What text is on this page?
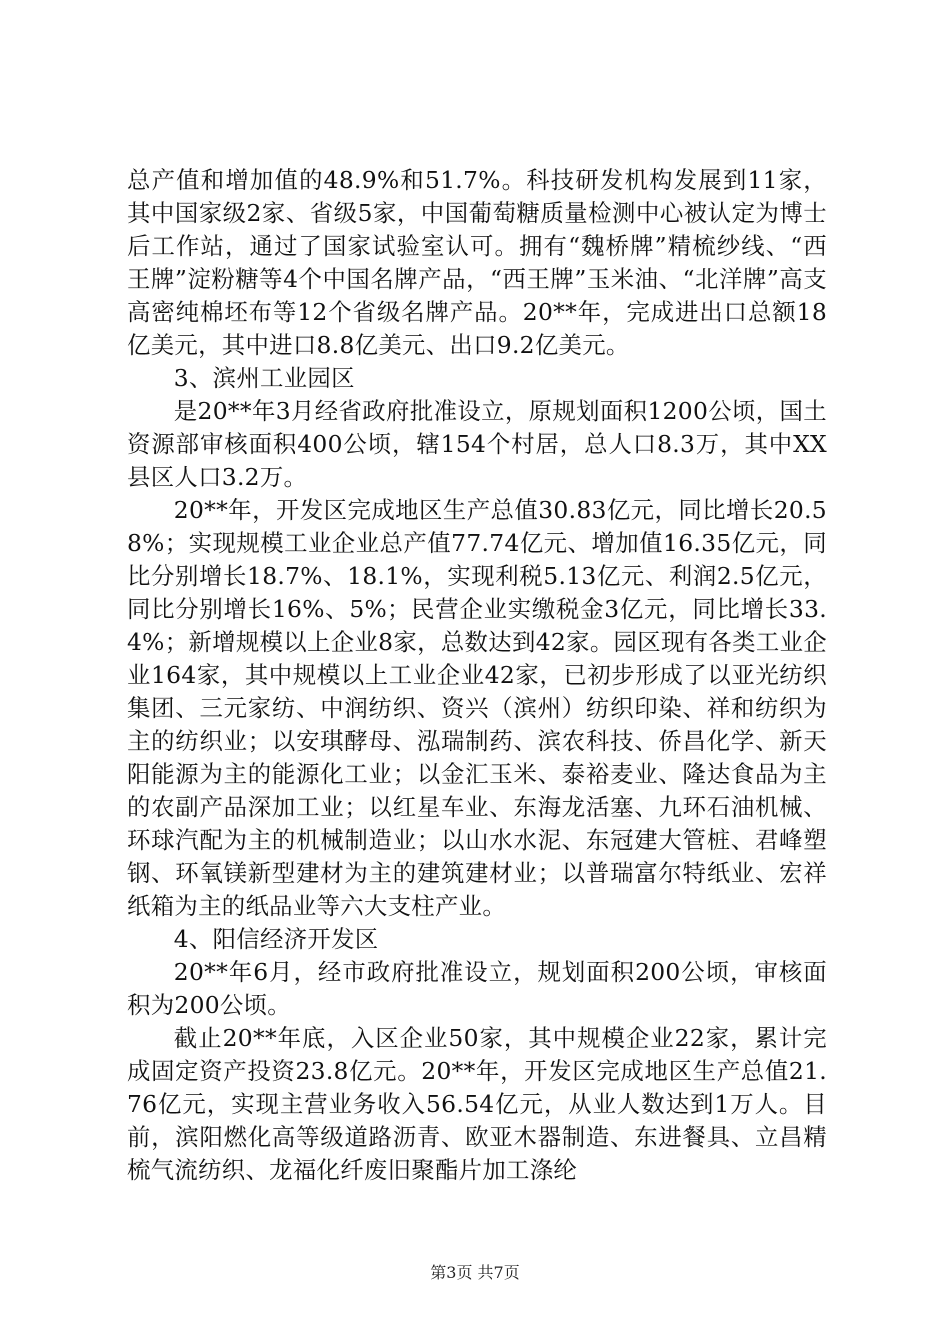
总产值和增加值的48.9%和51.7%。科技研发机构发展到11家，其中国家级2家、省级5家，中国葡萄糖质量检测中心被认定为博士后工作站，通过了国家试验室认可。拥有“魏桥牌”精梳纱线、“西王牌”淀粉糖等4个中国名牌产品，“西王牌”玉米油、“北洋牌”高支高密纯棉坯布等12个省级名牌产品。20**年，完成进出口总额18亿美元，其中进口8.8亿美元、出口9.2亿美元。

3、滨州工业园区

是20**年3月经省政府批准设立，原规划面积1200公顷，国土资源部审核面积400公顷，辖154个村居，总人口8.3万，其中XX县区人口3.2万。

20**年，开发区完成地区生产总值30.83亿元，同比增长20.58%；实现规模工业企业总产值77.74亿元、增加值16.35亿元，同比分别增长18.7%、18.1%，实现利税5.13亿元、利润2.5亿元，同比分别增长16%、5%；民营企业实缴税金3亿元，同比增长33.4%；新增规模以上企业8家，总数达到42家。园区现有各类工业企业164家，其中规模以上工业企业42家，已初步形成了以亚光纺织集团、三元家纺、中润纺织、资兴（滨州）纺织印染、祥和纺织为主的纺织业；以安琪酵母、泓瑞制药、滨农科技、侨昌化学、新天阳能源为主的能源化工业；以金汇玉米、泰裕麦业、隆达食品为主的农副产品深加工业；以红星车业、东海龙活塞、九环石油机械、环球汽配为主的机械制造业；以山水水泥、东冠建大管桩、君峰塑钢、环氧镁新型建材为主的建筑建材业；以普瑞富尔特纸业、宏祥纸箱为主的纸品业等六大支柱产业。

4、阳信经济开发区

20**年6月，经市政府批准设立，规划面积200公顷，审核面积为200公顷。

截止20**年底，入区企业50家，其中规模企业22家，累计完成固定资产投资23.8亿元。20**年，开发区完成地区生产总值21.76亿元，实现主营业务收入56.54亿元，从业人数达到1万人。目前，滨阳燃化高等级道路沥青、欧亚木器制造、东进餐具、立昌精梳气流纺织、龙福化纤废旧聚酯片加工涤纶

第3页 共7页
